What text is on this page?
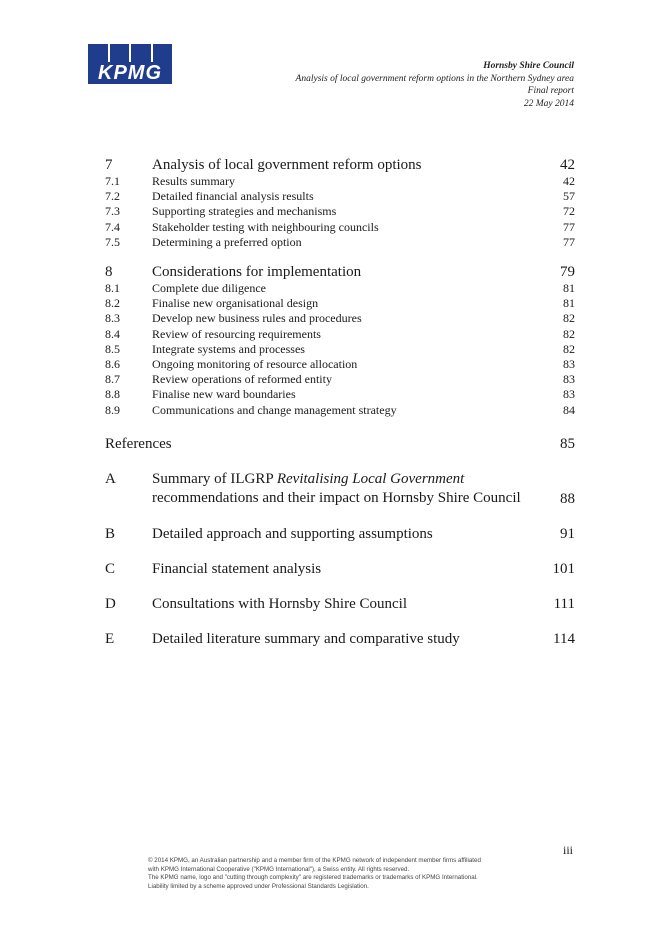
KPMG	Hornsby Shire Council
Analysis of local government reform options in the Northern Sydney area
Final report
22 May 2014
7	Analysis of local government reform options	42
7.1	Results summary	42
7.2	Detailed financial analysis results	57
7.3	Supporting strategies and mechanisms	72
7.4	Stakeholder testing with neighbouring councils	77
7.5	Determining a preferred option	77
8	Considerations for implementation	79
8.1	Complete due diligence	81
8.2	Finalise new organisational design	81
8.3	Develop new business rules and procedures	82
8.4	Review of resourcing requirements	82
8.5	Integrate systems and processes	82
8.6	Ongoing monitoring of resource allocation	83
8.7	Review operations of reformed entity	83
8.8	Finalise new ward boundaries	83
8.9	Communications and change management strategy	84
References	85
A	Summary of ILGRP Revitalising Local Government
recommendations and their impact on Hornsby Shire Council	88
B	Detailed approach and supporting assumptions	91
C	Financial statement analysis	101
D	Consultations with Hornsby Shire Council	111
E	Detailed literature summary and comparative study	114
iii
© 2014 KPMG, an Australian partnership and a member firm of the KPMG network of independent member firms affiliated
with KPMG International Cooperative ("KPMG International"), a Swiss entity. All rights reserved.
The KPMG name, logo and "cutting through complexity" are registered trademarks or trademarks of KPMG International.
Liability limited by a scheme approved under Professional Standards Legislation.
